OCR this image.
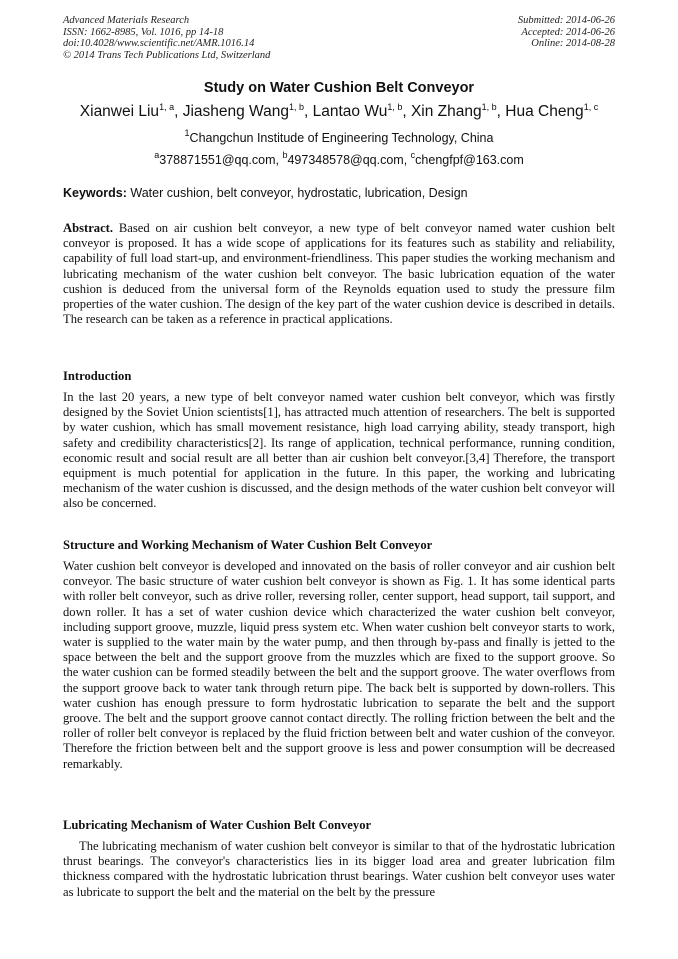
Advanced Materials Research
ISSN: 1662-8985, Vol. 1016, pp 14-18
doi:10.4028/www.scientific.net/AMR.1016.14
© 2014 Trans Tech Publications Ltd, Switzerland
Submitted: 2014-06-26
Accepted: 2014-06-26
Online: 2014-08-28
Study on Water Cushion Belt Conveyor
Xianwei Liu$^{1, a}$, Jiasheng Wang$^{1, b}$, Lantao Wu$^{1, b}$, Xin Zhang$^{1, b}$, Hua Cheng$^{1, c}$
$^1$Changchun Institude of Engineering Technology, China
$^a$378871551@qq.com, $^b$497348578@qq.com, $^c$chengfpf@163.com
Keywords: Water cushion, belt conveyor, hydrostatic, lubrication, Design

Abstract. Based on air cushion belt conveyor, a new type of belt conveyor named water cushion belt conveyor is proposed. It has a wide scope of applications for its features such as stability and reliability, capability of full load start-up, and environment-friendliness. This paper studies the working mechanism and lubricating mechanism of the water cushion belt conveyor. The basic lubrication equation of the water cushion is deduced from the universal form of the Reynolds equation used to study the pressure film properties of the water cushion. The design of the key part of the water cushion device is described in details. The research can be taken as a reference in practical applications.

Introduction

In the last 20 years, a new type of belt conveyor named water cushion belt conveyor, which was firstly designed by the Soviet Union scientists[1], has attracted much attention of researchers. The belt is supported by water cushion, which has small movement resistance, high load carrying ability, steady transport, high safety and credibility characteristics[2]. Its range of application, technical performance, running condition, economic result and social result are all better than air cushion belt conveyor.[3,4] Therefore, the transport equipment is much potential for application in the future. In this paper, the working and lubricating mechanism of the water cushion is discussed, and the design methods of the water cushion belt conveyor will also be concerned.

Structure and Working Mechanism of Water Cushion Belt Conveyor

Water cushion belt conveyor is developed and innovated on the basis of roller conveyor and air cushion belt conveyor. The basic structure of water cushion belt conveyor is shown as Fig. 1. It has some identical parts with roller belt conveyor, such as drive roller, reversing roller, center support, head support, tail support, and down roller. It has a set of water cushion device which characterized the water cushion belt conveyor, including support groove, muzzle, liquid press system etc. When water cushion belt conveyor starts to work, water is supplied to the water main by the water pump, and then through by-pass and finally is jetted to the space between the belt and the support groove from the muzzles which are fixed to the support groove. So the water cushion can be formed steadily between the belt and the support groove. The water overflows from the support groove back to water tank through return pipe. The back belt is supported by down-rollers. This water cushion has enough pressure to form hydrostatic lubrication to separate the belt and the support groove. The belt and the support groove cannot contact directly. The rolling friction between the belt and the roller of roller belt conveyor is replaced by the fluid friction between belt and water cushion of the conveyor. Therefore the friction between belt and the support groove is less and power consumption will be decreased remarkably.

Lubricating Mechanism of Water Cushion Belt Conveyor

The lubricating mechanism of water cushion belt conveyor is similar to that of the hydrostatic lubrication thrust bearings. The conveyor's characteristics lies in its bigger load area and greater lubrication film thickness compared with the hydrostatic lubrication thrust bearings. Water cushion belt conveyor uses water as lubricate to support the belt and the material on the belt by the pressure
